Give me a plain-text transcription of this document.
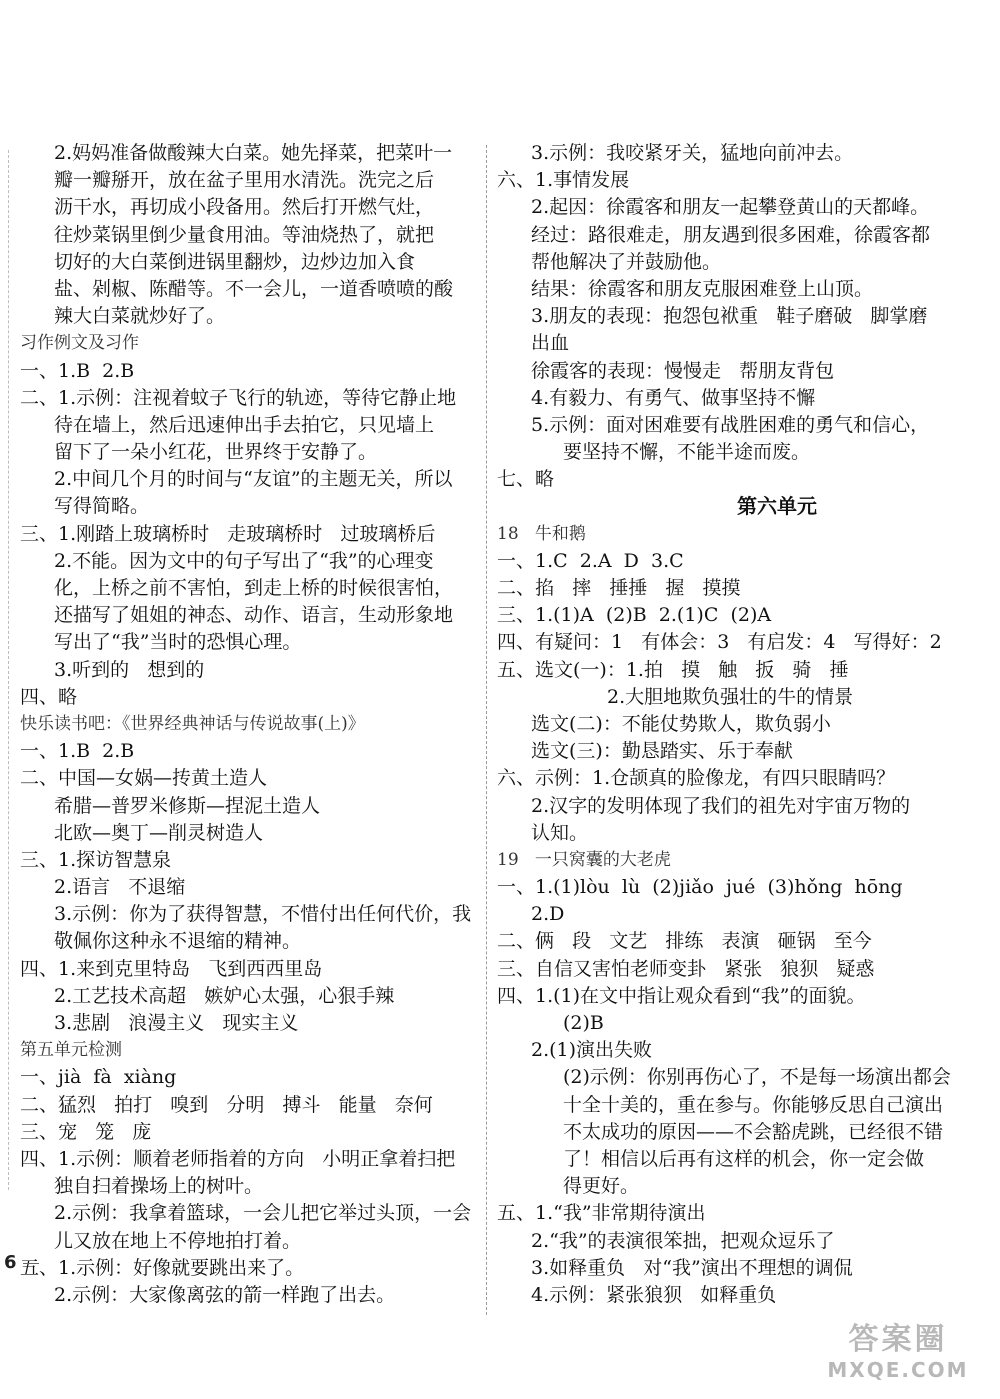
2.妈妈准备做酸辣大白菜。她先择菜，把菜叶一
瓣一瓣掰开，放在盆子里用水清洗。洗完之后
沥干水，再切成小段备用。然后打开燃气灶，
往炒菜锅里倒少量食用油。等油烧热了，就把
切好的大白菜倒进锅里翻炒，边炒边加入食
盐、剁椒、陈醋等。不一会儿，一道香喷喷的酸
辣大白菜就炒好了。
习作例文及习作
一、1.B  2.B
二、1.示例：注视着蚊子飞行的轨迹，等待它静止地
待在墙上，然后迅速伸出手去拍它，只见墙上
留下了一朵小红花，世界终于安静了。
2.中间几个月的时间与“友谊”的主题无关，所以
写得简略。
三、1.刚踏上玻璃桥时   走玻璃桥时   过玻璃桥后
2.不能。因为文中的句子写出了“我”的心理变
化，上桥之前不害怕，到走上桥的时候很害怕，
还描写了姐姐的神态、动作、语言，生动形象地
写出了“我”当时的恐惧心理。
3.听到的   想到的
四、略
快乐读书吧：《世界经典神话与传说故事(上)》
一、1.B  2.B
二、中国—女娲—抟黄土造人
希腊—普罗米修斯—捏泥土造人
北欧—奥丁—削灵树造人
三、1.探访智慧泉
2.语言   不退缩
3.示例：你为了获得智慧，不惜付出任何代价，我
敬佩你这种永不退缩的精神。
四、1.来到克里特岛   飞到西西里岛
2.工艺技术高超   嫉妒心太强，心狠手辣
3.悲剧   浪漫主义   现实主义
第五单元检测
一、jià  fà  xiàng
二、猛烈   拍打   嗅到   分明   搏斗   能量   奈何
三、宠   笼   庞
四、1.示例：顺着老师指着的方向   小明正拿着扫把
独自扫着操场上的树叶。
2.示例：我拿着篮球，一会儿把它举过头顶，一会
儿又放在地上不停地拍打着。
五、1.示例：好像就要跳出来了。
2.示例：大家像离弦的箭一样跑了出去。
3.示例：我咬紧牙关，猛地向前冲去。
六、1.事情发展
2.起因：徐霞客和朋友一起攀登黄山的天都峰。
经过：路很难走，朋友遇到很多困难，徐霞客都
帮他解决了并鼓励他。
结果：徐霞客和朋友克服困难登上山顶。
3.朋友的表现：抱怨包袱重   鞋子磨破   脚掌磨
出血
徐霞客的表现：慢慢走   帮朋友背包
4.有毅力、有勇气、做事坚持不懈
5.示例：面对困难要有战胜困难的勇气和信心，
要坚持不懈，不能半途而废。
七、略
第六单元
18   牛和鹅
一、1.C  2.A  D  3.C
二、掐   摔   捶捶   握   摸摸
三、1.(1)A  (2)B  2.(1)C  (2)A
四、有疑问：1   有体会：3   有启发：4   写得好：2
五、选文(一)：1.拍   摸   触   扳   骑   捶
2.大胆地欺负强壮的牛的情景
选文(二)：不能仗势欺人，欺负弱小
选文(三)：勤恳踏实、乐于奉献
六、示例：1.仓颉真的脸像龙，有四只眼睛吗？
2.汉字的发明体现了我们的祖先对宇宙万物的
认知。
19   一只窝囊的大老虎
一、1.(1)lòu  lù  (2)jiǎo  jué  (3)hǒng  hōng
2.D
二、俩   段   文艺   排练   表演   砸锅   至今
三、自信又害怕老师变卦   紧张   狼狈   疑惑
四、1.(1)在文中指让观众看到“我”的面貌。
(2)B
2.(1)演出失败
(2)示例：你别再伤心了，不是每一场演出都会
十全十美的，重在参与。你能够反思自己演出
不太成功的原因——不会豁虎跳，已经很不错
了！相信以后再有这样的机会，你一定会做
得更好。
五、1.“我”非常期待演出
2.“我”的表演很笨拙，把观众逗乐了
3.如释重负   对“我”演出不理想的调侃
4.示例：紧张狼狈   如释重负
6
答案圈
MXQE.COM
